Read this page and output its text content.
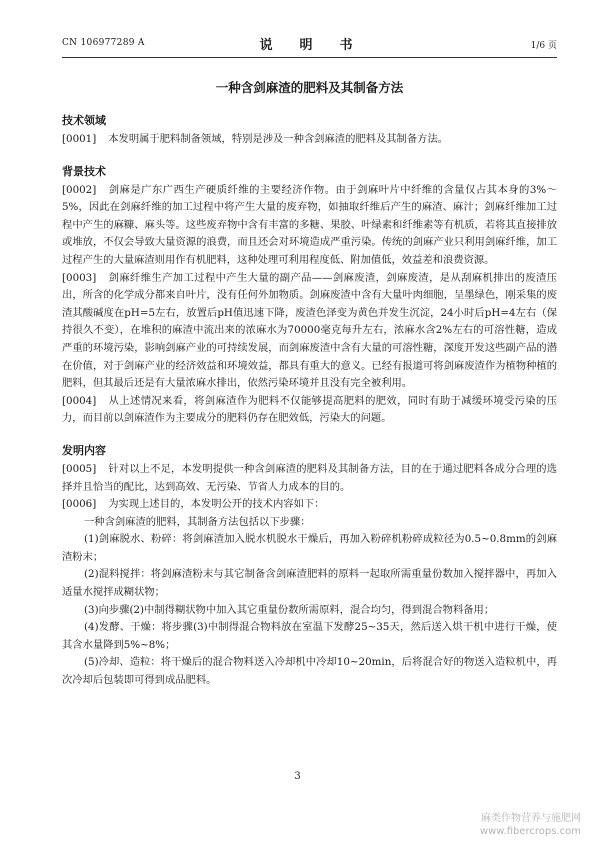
CN 106977289 A	说　明　书	1/6 页
一种含剑麻渣的肥料及其制备方法
技术领域

[0001] 本发明属于肥料制备领域，特别是涉及一种含剑麻渣的肥料及其制备方法。

背景技术

[0002] 剑麻是广东广西生产硬质纤维的主要经济作物。由于剑麻叶片中纤维的含量仅占其本身的3%～5%，因此在剑麻纤维的加工过程中将产生大量的废弃物，如抽取纤维后产生的麻渣、麻汁；剑麻纤维加工过程中产生的麻糠、麻头等。这些废弃物中含有丰富的多糖、果胶、叶绿素和纤维素等有机质，若将其直接排放或堆放，不仅会导致大量资源的浪费，而且还会对环境造成严重污染。传统的剑麻产业只利用剑麻纤维，加工过程产生的大量麻渣则用作有机肥料，这种处理可利用程度低、附加值低，效益差和浪费资源。

[0003] 剑麻纤维生产加工过程中产生大量的副产品——剑麻废渣，剑麻废渣，是从刮麻机排出的废渣压出，所含的化学成分都来自叶片，没有任何外加物质。剑麻废渣中含有大量叶肉细胞，呈墨绿色，刚采集的废渣其酸碱度在pH=5左右，放置后pH值迅速下降，废渣色泽变为黄色并发生沉淀，24小时后pH=4左右（保持很久不变），在堆积的麻渣中流出来的浓麻水为70000毫克每升左右，浓麻水含2%左右的可溶性糖，造成严重的环境污染，影响剑麻产业的可持续发展，而剑麻废渣中含有大量的可溶性糖，深度开发这些副产品的潜在价值，对于剑麻产业的经济效益和环境效益，都具有重大的意义。已经有报道可将剑麻废渣作为植物种植的肥料，但其最后还是有大量浓麻水排出，依然污染环境并且没有完全被利用。

[0004] 从上述情况来看，将剑麻渣作为肥料不仅能够提高肥料的肥效，同时有助于减缓环境受污染的压力，而目前以剑麻渣作为主要成分的肥料仍存在肥效低，污染大的问题。

发明内容

[0005] 针对以上不足，本发明提供一种含剑麻渣的肥料及其制备方法，目的在于通过肥料各成分合理的选择并且恰当的配比，达到高效、无污染、节省人力成本的目的。

[0006] 为实现上述目的，本发明公开的技术内容如下：

一种含剑麻渣的肥料，其制备方法包括以下步骤：

(1)剑麻脱水、粉碎：将剑麻渣加入脱水机脱水干燥后，再加入粉碎机粉碎成粒径为0.5~0.8mm的剑麻渣粉末；

(2)混料搅拌：将剑麻渣粉末与其它制备含剑麻渣肥料的原料一起取所需重量份数加入搅拌器中，再加入适量水搅拌成糊状物；

(3)向步骤(2)中制得糊状物中加入其它重量份数所需原料，混合均匀，得到混合物料备用；

(4)发酵、干燥：将步骤(3)中制得混合物料放在室温下发酵25~35天，然后送入烘干机中进行干燥，使其含水量降到5%~8%；

(5)冷却、造粒：将干燥后的混合物料送入冷却机中冷却10~20min，后将混合好的物送入造粒机中，再次冷却后包装即可得到成品肥料。

3
麻类作物营养与施肥网
www.fibercrops.com
